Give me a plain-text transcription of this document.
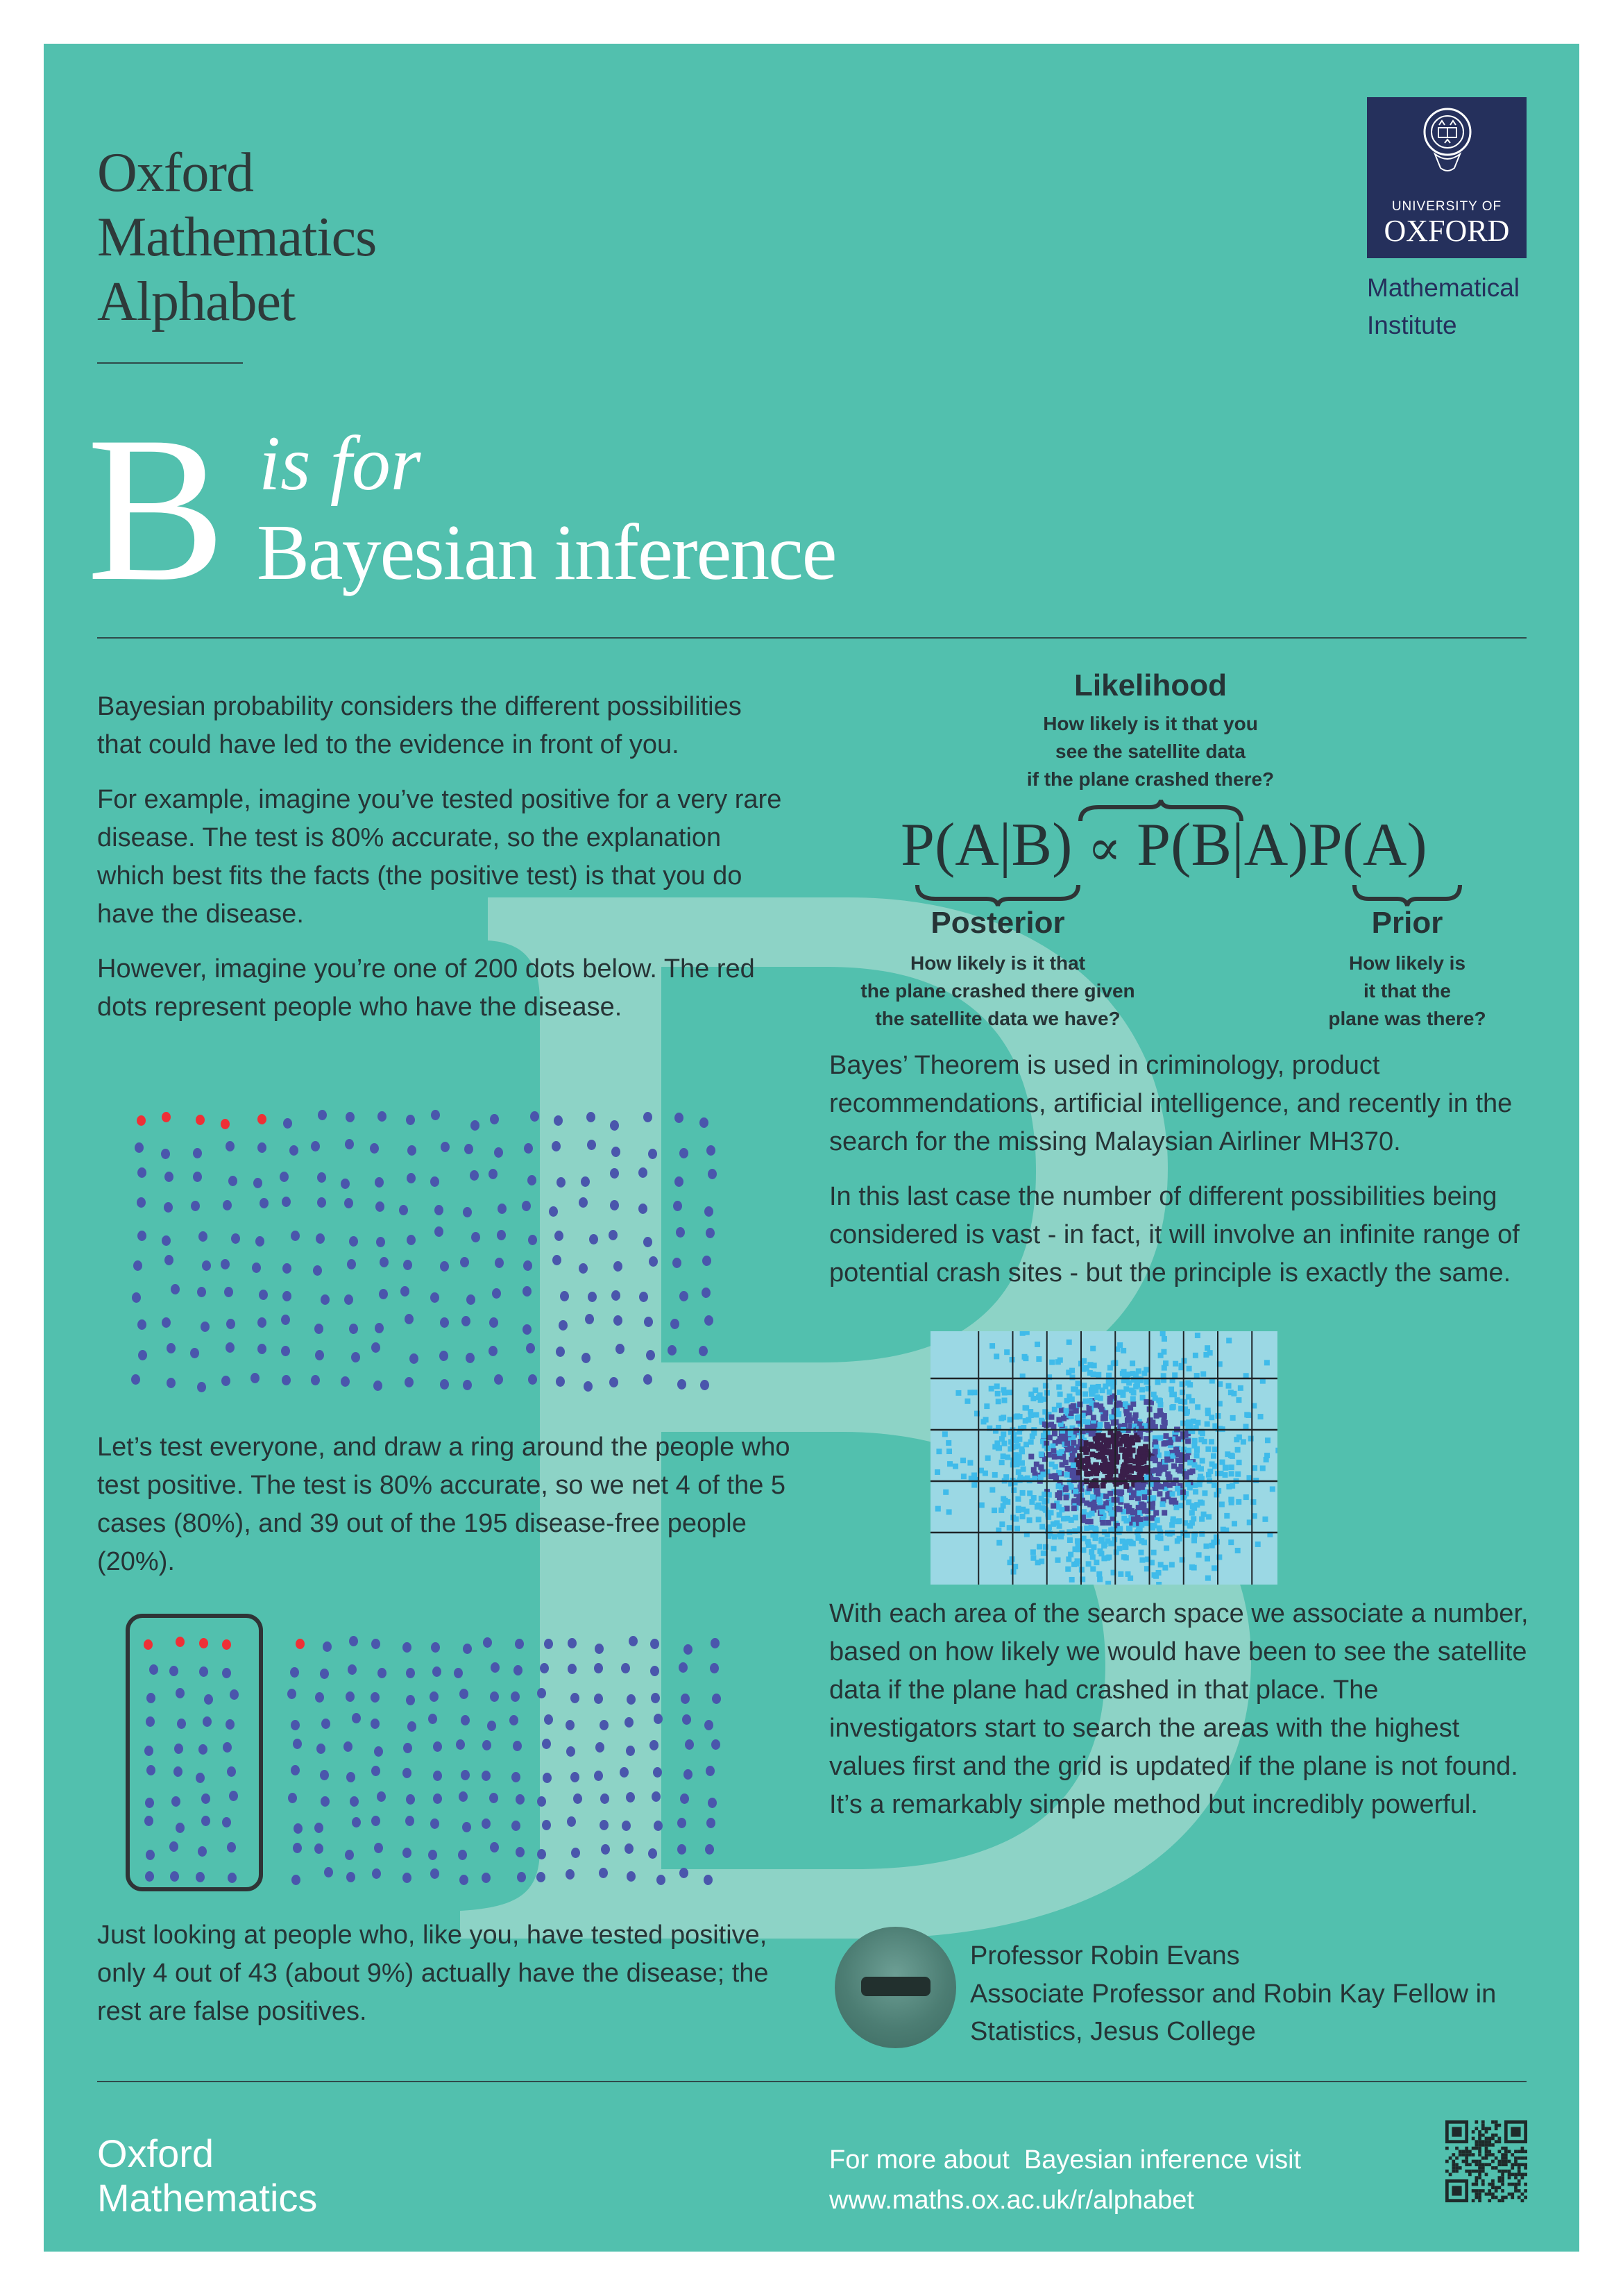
Oxford
Mathematics
Alphabet
B is for
Bayesian inference
UNIVERSITY OF
OXFORD
Mathematical
Institute

Bayesian probability considers the different possibilities that could have led to the evidence in front of you.

For example, imagine you’ve tested positive for a very rare disease. The test is 80% accurate, so the explanation which best fits the facts (the positive test) is that you do have the disease.

However, imagine you’re one of 200 dots below. The red dots represent people who have the disease.

Let’s test everyone, and draw a ring around the people who test positive. The test is 80% accurate, so we net 4 of the 5 cases (80%), and 39 out of the 195 disease-free people (20%).
Just looking at people who, like you, have tested positive, only 4 out of 43 (about 9%) actually have the disease; the rest are false positives.
Likelihood
How likely is it that you
see the satellite data
if the plane crashed there?
P(A|B) ∝ P(B|A)P(A)
Posterior
How likely is it that
the plane crashed there given
the satellite data we have?
Prior
How likely is
it that the
plane was there?

Bayes’ Theorem is used in criminology, product recommendations, artificial intelligence, and recently in the search for the missing Malaysian Airliner MH370.

In this last case the number of different possibilities being considered is vast - in fact, it will involve an infinite range of potential crash sites - but the principle is exactly the same.

With each area of the search space we associate a number, based on how likely we would have been to see the satellite data if the plane had crashed in that place. The investigators start to search the areas with the highest values first and the grid is updated if the plane is not found. It’s a remarkably simple method but incredibly powerful.
Professor Robin Evans
Associate Professor and Robin Kay Fellow in
Statistics, Jesus College
Oxford
Mathematics
For more about  Bayesian inference visit
www.maths.ox.ac.uk/r/alphabet
